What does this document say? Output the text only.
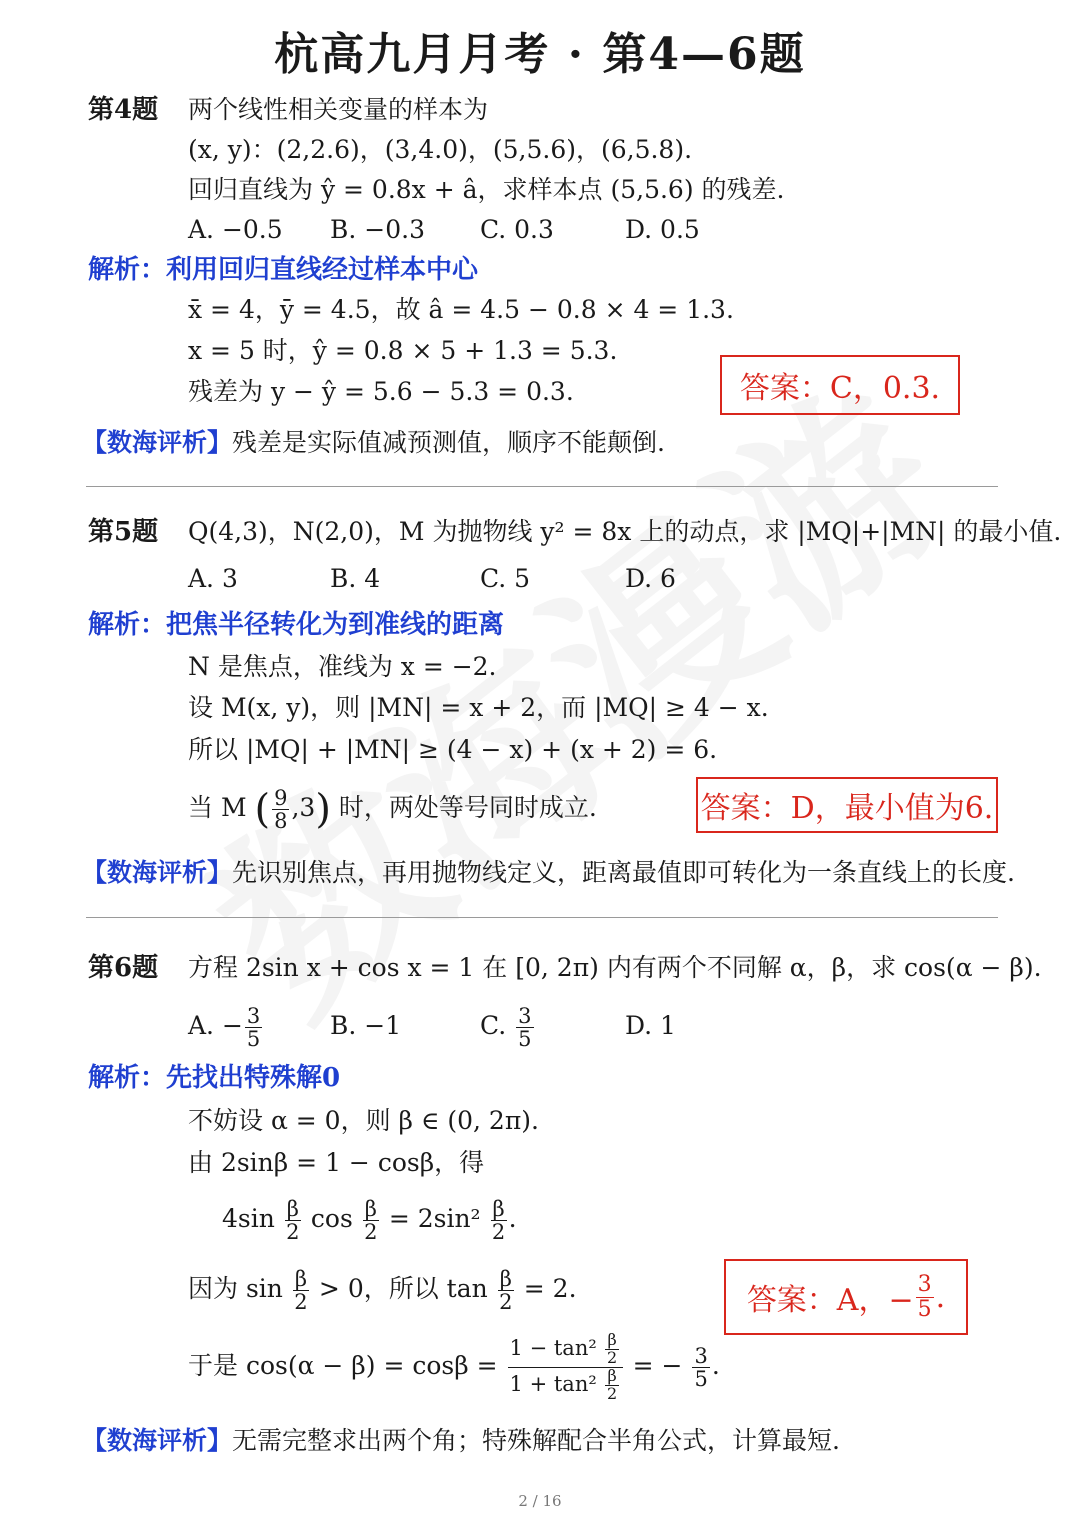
杭高九月月考 · 第4—6题
第4题 两个线性相关变量的样本为
(x, y)：(2,2.6)，(3,4.0)，(5,5.6)，(6,5.8).
回归直线为 ŷ = 0.8x + â，求样本点 (5,5.6) 的残差.
A. −0.5 B. −0.3 C. 0.3	D. 0.5
解析：利用回归直线经过样本中心
x̄ = 4，ȳ = 4.5，故 â = 4.5 − 0.8 × 4 = 1.3.
x = 5 时，ŷ = 0.8 × 5 + 1.3 = 5.3.
残差为 y − ŷ = 5.6 − 5.3 = 0.3.	答案：C，0.3.
【数海评析】残差是实际值减预测值，顺序不能颠倒.
第5题 Q(4,3)，N(2,0)，M 为抛物线 y² = 8x 上的动点，求 |MQ|+|MN| 的最小值.
A. 3	B. 4	C. 5	D. 6
解析：把焦半径转化为到准线的距离
N 是焦点，准线为 x = −2.
设 M(x, y)，则 |MN| = x + 2，而 |MQ| ≥ 4 − x.
所以 |MQ| + |MN| ≥ (4 − x) + (x + 2) = 6.
当 M ( $\frac{9}{8} ,3$) 时，两处等号同时成立.	答案：D，最小值为6.
【数海评析】先识别焦点，再用抛物线定义，距离最值即可转化为一条直线上的长度.
第6题 方程 2sin x + cos x = 1 在 [0, 2π) 内有两个不同解 α，β，求 cos(α − β).
A. − $\frac{3}{5}$	B. −1	C. $\frac{3}{5}$	D. 1
解析：先找出特殊解0
不妨设 α = 0，则 β ∈ (0, 2π).
由 2sinβ = 1 − cosβ，得
$4\sin \frac{\beta}{2}$ $\cos \frac{\beta}{2} = 2\sin^2 \frac{\beta}{2}$ .
因为 $\sin \frac{\beta}{2} > 0$，所以 $\tan \frac{\beta}{2} = 2$.
于是 $\cos(\alpha - \beta) = \cos\beta = \frac{1 - \tan^2 \frac{\beta}{2}}{1 + \tan^2 \frac{\beta}{2}}$ = − $\frac{3}{5}$ .
答案：A，− $\frac{3}{5}$ .
【数海评析】无需完整求出两个角；特殊解配合半角公式，计算最短.
2 / 16
